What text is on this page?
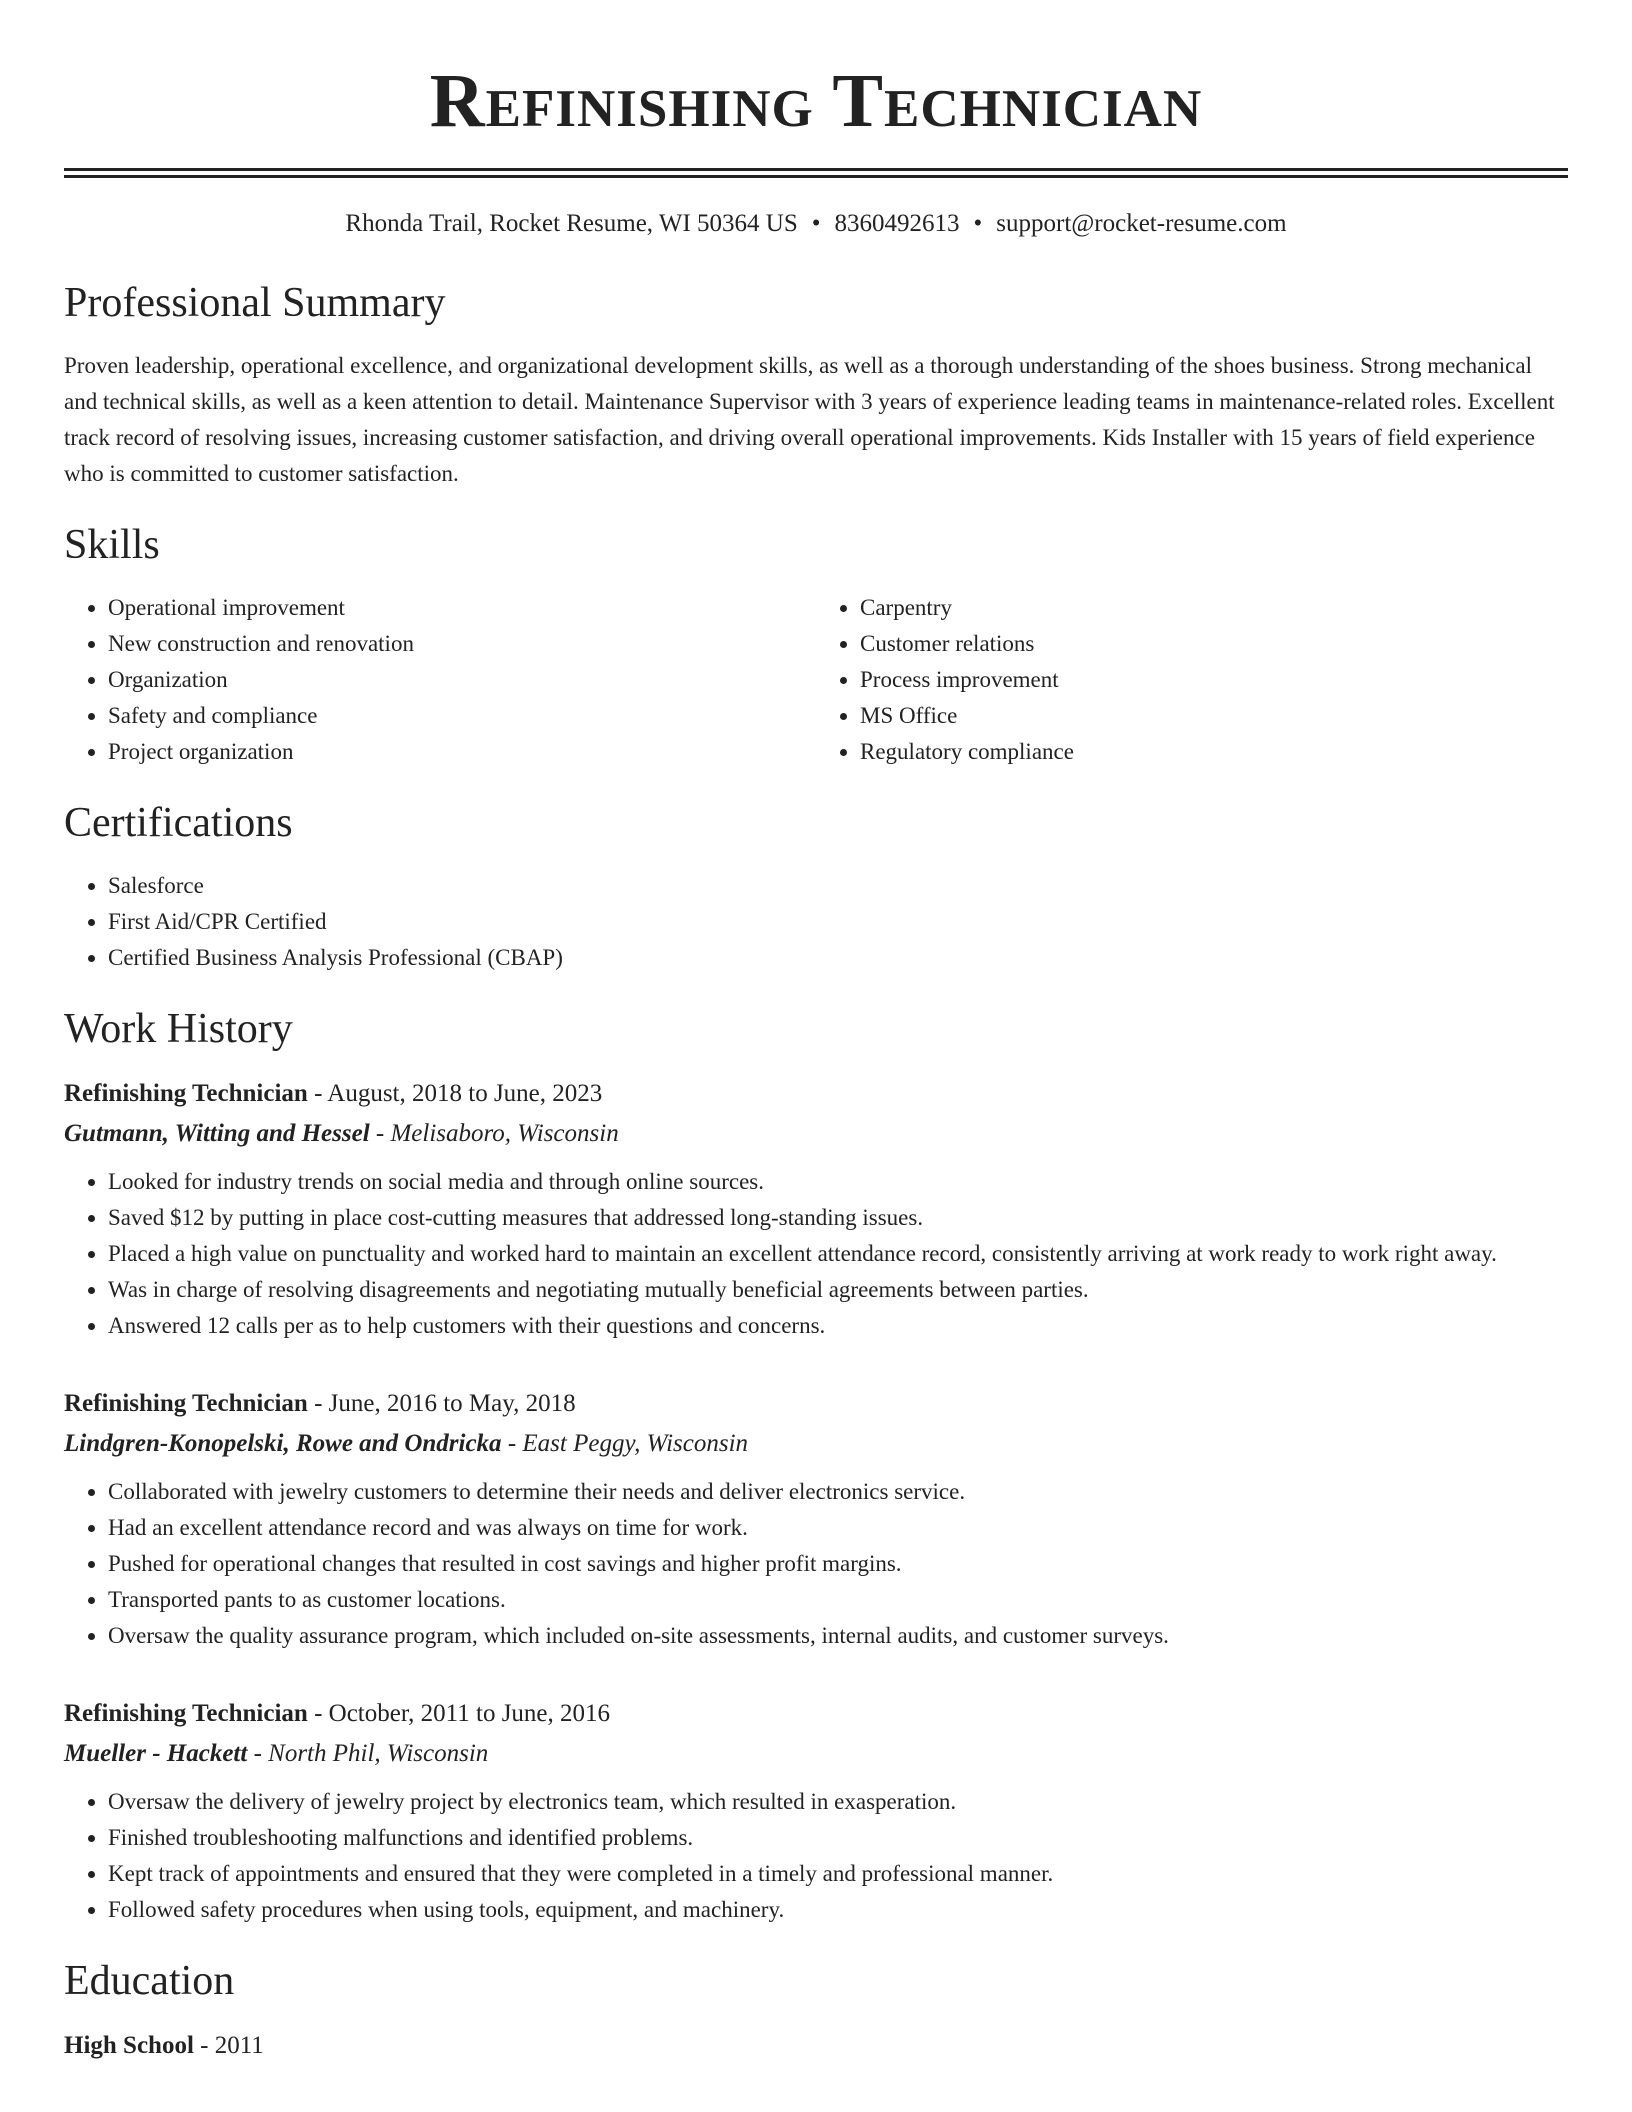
Refinishing Technician
Rhonda Trail, Rocket Resume, WI 50364 US • 8360492613 • support@rocket-resume.com
Professional Summary
Proven leadership, operational excellence, and organizational development skills, as well as a thorough understanding of the shoes business. Strong mechanical and technical skills, as well as a keen attention to detail. Maintenance Supervisor with 3 years of experience leading teams in maintenance-related roles. Excellent track record of resolving issues, increasing customer satisfaction, and driving overall operational improvements. Kids Installer with 15 years of field experience who is committed to customer satisfaction.
Skills
• Operational improvement
• New construction and renovation
• Organization
• Safety and compliance
• Project organization
• Carpentry
• Customer relations
• Process improvement
• MS Office
• Regulatory compliance
Certifications
• Salesforce
• First Aid/CPR Certified
• Certified Business Analysis Professional (CBAP)
Work History
Refinishing Technician - August, 2018 to June, 2023
Gutmann, Witting and Hessel - Melisaboro, Wisconsin
• Looked for industry trends on social media and through online sources.
• Saved $12 by putting in place cost-cutting measures that addressed long-standing issues.
• Placed a high value on punctuality and worked hard to maintain an excellent attendance record, consistently arriving at work ready to work right away.
• Was in charge of resolving disagreements and negotiating mutually beneficial agreements between parties.
• Answered 12 calls per as to help customers with their questions and concerns.
Refinishing Technician - June, 2016 to May, 2018
Lindgren-Konopelski, Rowe and Ondricka - East Peggy, Wisconsin
• Collaborated with jewelry customers to determine their needs and deliver electronics service.
• Had an excellent attendance record and was always on time for work.
• Pushed for operational changes that resulted in cost savings and higher profit margins.
• Transported pants to as customer locations.
• Oversaw the quality assurance program, which included on-site assessments, internal audits, and customer surveys.
Refinishing Technician - October, 2011 to June, 2016
Mueller - Hackett - North Phil, Wisconsin
• Oversaw the delivery of jewelry project by electronics team, which resulted in exasperation.
• Finished troubleshooting malfunctions and identified problems.
• Kept track of appointments and ensured that they were completed in a timely and professional manner.
• Followed safety procedures when using tools, equipment, and machinery.
Education
High School - 2011
